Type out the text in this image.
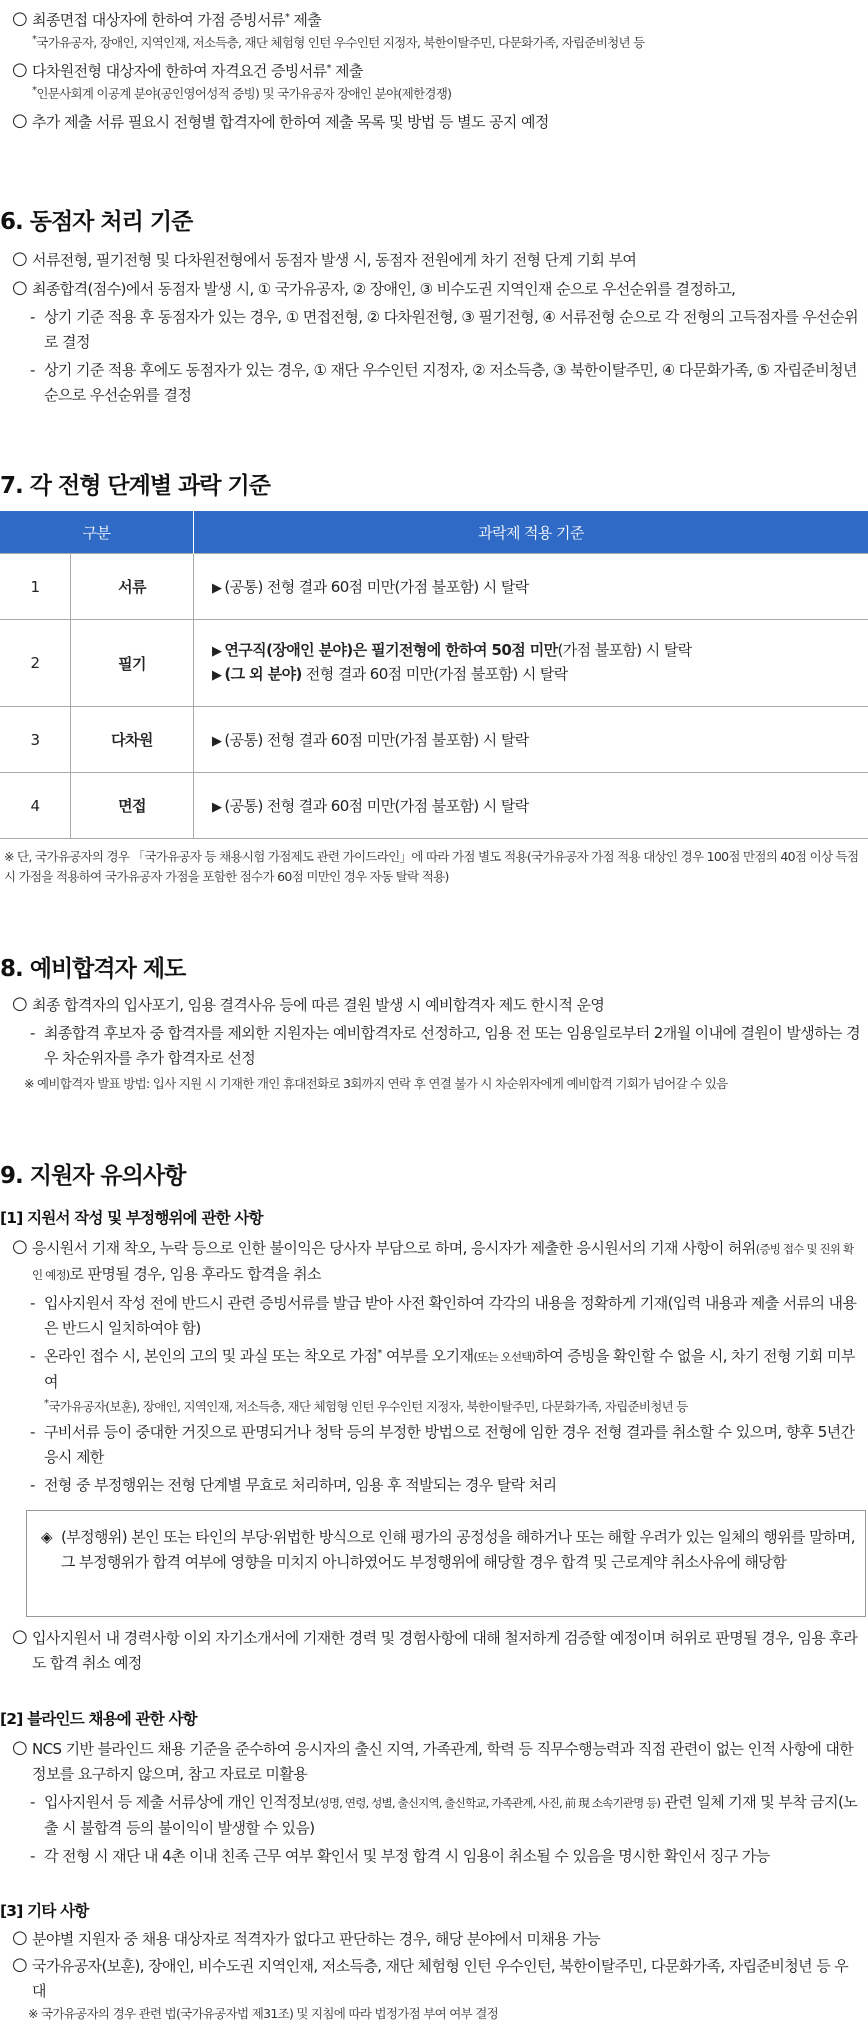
○ 최종면접 대상자에 한하여 가점 증빙서류* 제출
* 국가유공자, 장애인, 지역인재, 저소득층, 재단 체험형 인턴 우수인턴 지정자, 북한이탈주민, 다문화가족, 자립준비청년 등
○ 다차원전형 대상자에 한하여 자격요건 증빙서류* 제출
* 인문사회계 이공계 분야(공인영어성적 증빙) 및 국가유공자 장애인 분야(제한경쟁)
○ 추가 제출 서류 필요시 전형별 합격자에 한하여 제출 목록 및 방법 등 별도 공지 예정
6. 동점자 처리 기준
○ 서류전형, 필기전형 및 다차원전형에서 동점자 발생 시, 동점자 전원에게 차기 전형 단계 기회 부여
○ 최종합격(점수)에서 동점자 발생 시, ① 국가유공자, ② 장애인, ③ 비수도권 지역인재 순으로 우선순위를 결정하고,
- 상기 기준 적용 후 동점자가 있는 경우, ① 면접전형, ② 다차원전형, ③ 필기전형, ④ 서류전형 순으로 각 전형의 고득점자를 우선순위로 결정
- 상기 기준 적용 후에도 동점자가 있는 경우, ① 재단 우수인턴 지정자, ② 저소득층, ③ 북한이탈주민, ④ 다문화가족, ⑤ 자립준비청년 순으로 우선순위를 결정
7. 각 전형 단계별 과락 기준
구분		과락제 적용 기준
1	서류	▶ (공통) 전형 결과 60점 미만(가점 불포함) 시 탈락
2	필기	▶ 연구직(장애인 분야)은 필기전형에 한하여 50점 미만(가점 불포함) 시 탈락
▶ (그 외 분야) 전형 결과 60점 미만(가점 불포함) 시 탈락

3	다차원	▶ (공통) 전형 결과 60점 미만(가점 불포함) 시 탈락
4	면접	▶ (공통) 전형 결과 60점 미만(가점 불포함) 시 탈락
※ 단, 국가유공자의 경우 「국가유공자 등 채용시험 가점제도 관련 가이드라인」에 따라 가점 별도 적용(국가유공자 가점 적용 대상인 경우 100점 만점의 40점 이상 득점 시 가점을 적용하여 국가유공자 가점을 포함한 점수가 60점 미만인 경우 자동 탈락 적용)
8. 예비합격자 제도
○ 최종 합격자의 입사포기, 임용 결격사유 등에 따른 결원 발생 시 예비합격자 제도 한시적 운영
- 최종합격 후보자 중 합격자를 제외한 지원자는 예비합격자로 선정하고, 임용 전 또는 임용일로부터 2개월 이내에 결원이 발생하는 경우 차순위자를 추가 합격자로 선정
※ 예비합격자 발표 방법: 입사 지원 시 기재한 개인 휴대전화로 3회까지 연락 후 연결 불가 시 차순위자에게 예비합격 기회가 넘어갈 수 있음
9. 지원자 유의사항
[1] 지원서 작성 및 부정행위에 관한 사항
○ 응시원서 기재 착오, 누락 등으로 인한 불이익은 당사자 부담으로 하며, 응시자가 제출한 응시원서의 기재 사항이 허위(증빙 접수 및 진위 확인 예정)로 판명될 경우, 임용 후라도 합격을 취소
- 입사지원서 작성 전에 반드시 관련 증빙서류를 발급 받아 사전 확인하여 각각의 내용을 정확하게 기재(입력 내용과 제출 서류의 내용은 반드시 일치하여야 함)
- 온라인 접수 시, 본인의 고의 및 과실 또는 착오로 가점* 여부를 오기재(또는 오선택)하여 증빙을 확인할 수 없을 시, 차기 전형 기회 미부여
* 국가유공자(보훈), 장애인, 지역인재, 저소득층, 재단 체험형 인턴 우수인턴 지정자, 북한이탈주민, 다문화가족, 자립준비청년 등
- 구비서류 등이 중대한 거짓으로 판명되거나 청탁 등의 부정한 방법으로 전형에 임한 경우 전형 결과를 취소할 수 있으며, 향후 5년간 응시 제한
- 전형 중 부정행위는 전형 단계별 무효로 처리하며, 임용 후 적발되는 경우 탈락 처리
◈ (부정행위) 본인 또는 타인의 부당·위법한 방식으로 인해 평가의 공정성을 해하거나 또는 해할 우려가 있는 일체의 행위를 말하며, 그 부정행위가 합격 여부에 영향을 미치지 아니하였어도 부정행위에 해당할 경우 합격 및 근로계약 취소사유에 해당함
○ 입사지원서 내 경력사항 이외 자기소개서에 기재한 경력 및 경험사항에 대해 철저하게 검증할 예정이며 허위로 판명될 경우, 임용 후라도 합격 취소 예정
[2] 블라인드 채용에 관한 사항
○ NCS 기반 블라인드 채용 기준을 준수하여 응시자의 출신 지역, 가족관계, 학력 등 직무수행능력과 직접 관련이 없는 인적 사항에 대한 정보를 요구하지 않으며, 참고 자료로 미활용
- 입사지원서 등 제출 서류상에 개인 인적정보(성명, 연령, 성별, 출신지역, 출신학교, 가족관계, 사진, 前 現 소속기관명 등) 관련 일체 기재 및 부착 금지(노출 시 불합격 등의 불이익이 발생할 수 있음)
- 각 전형 시 재단 내 4촌 이내 친족 근무 여부 확인서 및 부정 합격 시 임용이 취소될 수 있음을 명시한 확인서 징구 가능
[3] 기타 사항
○ 분야별 지원자 중 채용 대상자로 적격자가 없다고 판단하는 경우, 해당 분야에서 미채용 가능
○ 국가유공자(보훈), 장애인, 비수도권 지역인재, 저소득층, 재단 체험형 인턴 우수인턴, 북한이탈주민, 다문화가족, 자립준비청년 등 우대
※ 국가유공자의 경우 관련 법(국가유공자법 제31조) 및 지침에 따라 법정가점 부여 여부 결정
